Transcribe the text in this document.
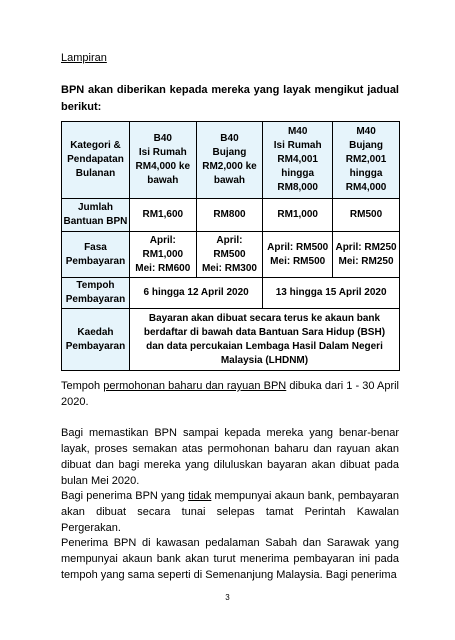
Lampiran
BPN akan diberikan kepada mereka yang layak mengikut jadual berikut:
Kategori &
Pendapatan
Bulanan	B40
Isi Rumah
RM4,000 ke
bawah	B40
Bujang
RM2,000 ke
bawah	M40
Isi Rumah
RM4,001
hingga
RM8,000	M40
Bujang
RM2,001
hingga
RM4,000

Jumlah
Bantuan BPN	RM1,600	RM800	RM1,000	RM500

Fasa
Pembayaran	April:
RM1,000
Mei: RM600	April:
RM500
Mei: RM300	April: RM500
Mei: RM500	April: RM250
Mei: RM250

Tempoh
Pembayaran	6 hingga 12 April 2020		13 hingga 15 April 2020	

Kaedah
Pembayaran	Bayaran akan dibuat secara terus ke akaun bank
berdaftar di bawah data Bantuan Sara Hidup (BSH)
dan data percukaian Lembaga Hasil Dalam Negeri
Malaysia (LHDNM)			
Tempoh permohonan baharu dan rayuan BPN dibuka dari 1 - 30 April 2020.
Bagi memastikan BPN sampai kepada mereka yang benar-benar layak, proses semakan atas permohonan baharu dan rayuan akan dibuat dan bagi mereka yang diluluskan bayaran akan dibuat pada bulan Mei 2020.
Bagi penerima BPN yang tidak mempunyai akaun bank, pembayaran akan dibuat secara tunai selepas tamat Perintah Kawalan Pergerakan.
Penerima BPN di kawasan pedalaman Sabah dan Sarawak yang mempunyai akaun bank akan turut menerima pembayaran ini pada tempoh yang sama seperti di Semenanjung Malaysia. Bagi penerima
3
